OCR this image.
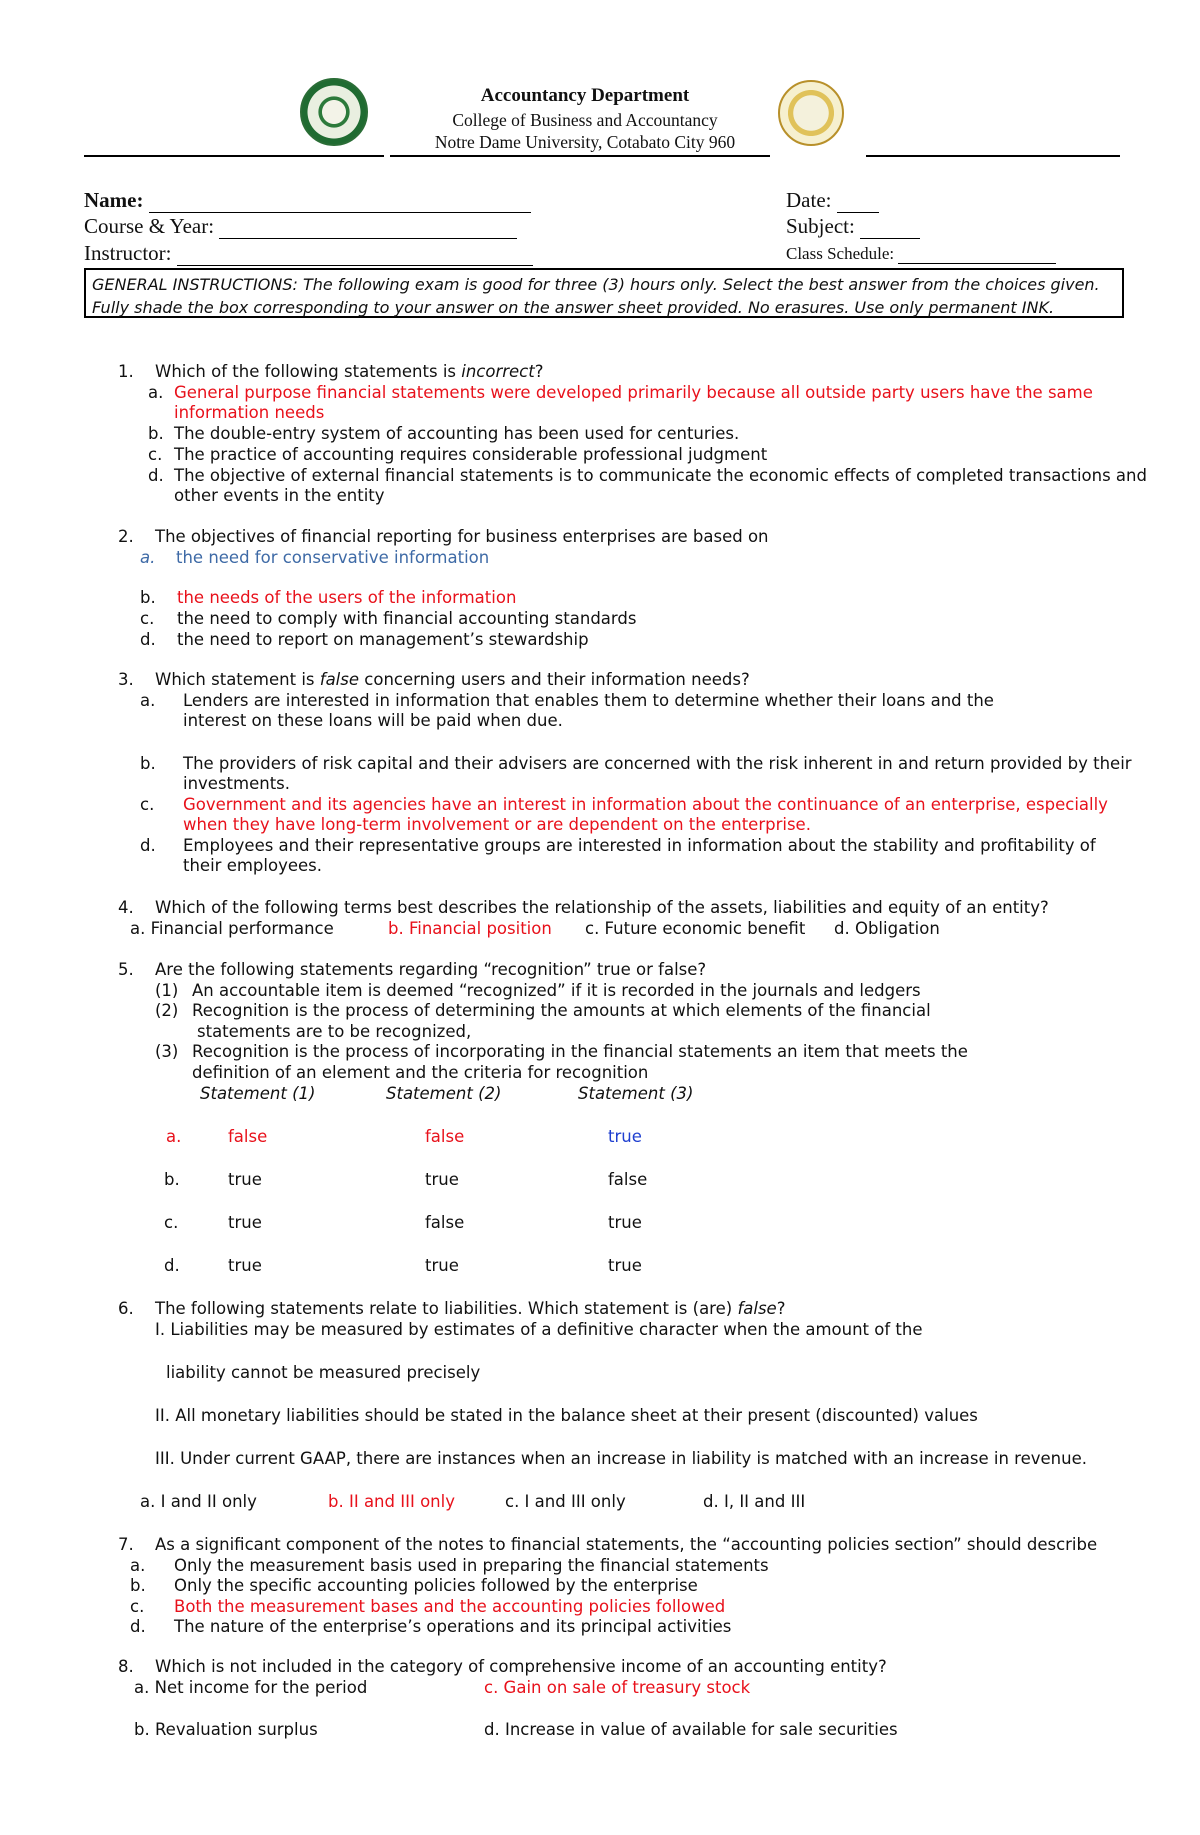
Accountancy Department
College of Business and Accountancy
Notre Dame University, Cotabato City 960
Name:
Course & Year:
Instructor:
Date:
Subject:
Class Schedule:
GENERAL INSTRUCTIONS: The following exam is good for three (3) hours only. Select the best answer from the choices given.
Fully shade the box corresponding to your answer on the answer sheet provided. No erasures. Use only permanent INK.
1. Which of the following statements is incorrect?
a. General purpose financial statements were developed primarily because all outside party users have the same
information needs
b. The double-entry system of accounting has been used for centuries.
c. The practice of accounting requires considerable professional judgment
d. The objective of external financial statements is to communicate the economic effects of completed transactions and
other events in the entity
2. The objectives of financial reporting for business enterprises are based on
a. the need for conservative information
b. the needs of the users of the information
c. the need to comply with financial accounting standards
d. the need to report on management’s stewardship
3. Which statement is false concerning users and their information needs?
a. Lenders are interested in information that enables them to determine whether their loans and the
interest on these loans will be paid when due.
b. The providers of risk capital and their advisers are concerned with the risk inherent in and return provided by their
investments.
c. Government and its agencies have an interest in information about the continuance of an enterprise, especially
when they have long-term involvement or are dependent on the enterprise.
d. Employees and their representative groups are interested in information about the stability and profitability of
their employees.
4. Which of the following terms best describes the relationship of the assets, liabilities and equity of an entity?
a. Financial performance	b. Financial position c. Future economic benefit d. Obligation
5. Are the following statements regarding “recognition” true or false?
(1) An accountable item is deemed “recognized” if it is recorded in the journals and ledgers
(2) Recognition is the process of determining the amounts at which elements of the financial
statements are to be recognized,
(3) Recognition is the process of incorporating in the financial statements an item that meets the
definition of an element and the criteria for recognition
Statement (1)	Statement (2)	Statement (3)
a.	false	false	true
b.	true	true	false
c.	true	false	true
d.	true	true	true
6. The following statements relate to liabilities. Which statement is (are) false?
I. Liabilities may be measured by estimates of a definitive character when the amount of the
liability cannot be measured precisely
II. All monetary liabilities should be stated in the balance sheet at their present (discounted) values
III. Under current GAAP, there are instances when an increase in liability is matched with an increase in revenue.
a. I and II only	b. II and III only	c. I and III only	d. I, II and III
7. As a significant component of the notes to financial statements, the “accounting policies section” should describe
a. Only the measurement basis used in preparing the financial statements
b. Only the specific accounting policies followed by the enterprise
c. Both the measurement bases and the accounting policies followed
d. The nature of the enterprise’s operations and its principal activities
8. Which is not included in the category of comprehensive income of an accounting entity?
a. Net income for the period	c. Gain on sale of treasury stock
b. Revaluation surplus	d. Increase in value of available for sale securities
